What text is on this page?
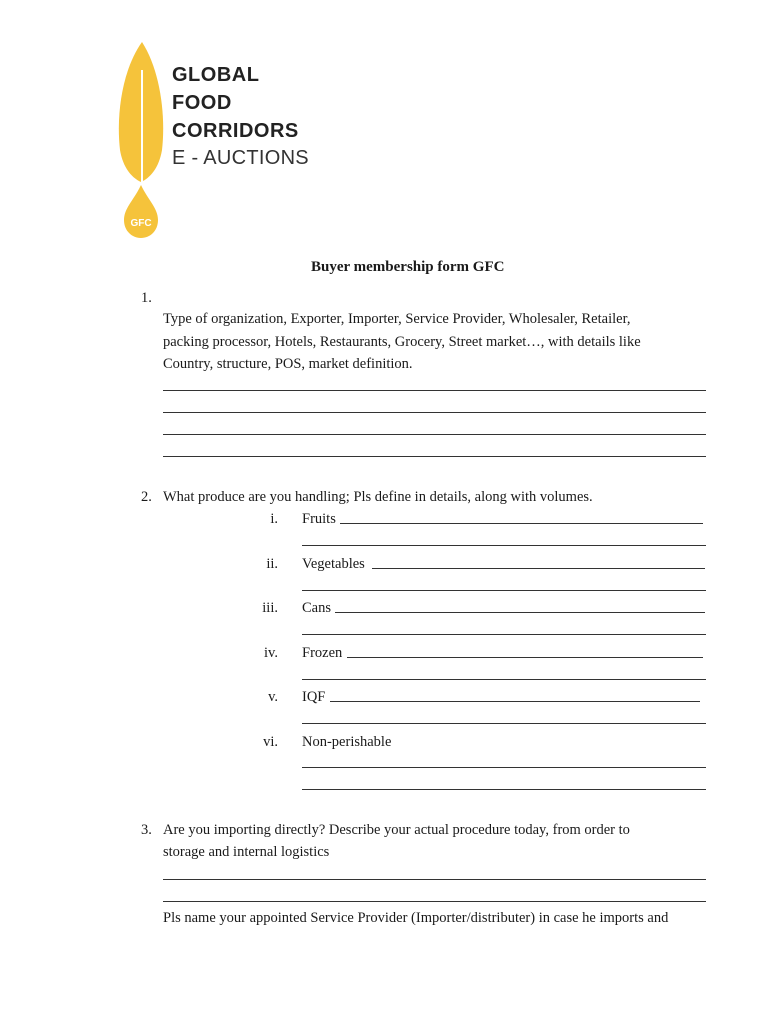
GFC
GLOBAL
FOOD
CORRIDORS
E - AUCTIONS
Buyer membership form GFC
1.
Type of organization, Exporter, Importer, Service Provider, Wholesaler, Retailer,
packing processor, Hotels, Restaurants, Grocery, Street market…, with details like
Country, structure, POS, market definition.
2. What produce are you handling; Pls define in details, along with volumes.
i. Fruits
ii. Vegetables
iii. Cans
iv. Frozen
v. IQF
vi. Non-perishable
3. Are you importing directly? Describe your actual procedure today, from order to
storage and internal logistics
Pls name your appointed Service Provider (Importer/distributer) in case he imports and
